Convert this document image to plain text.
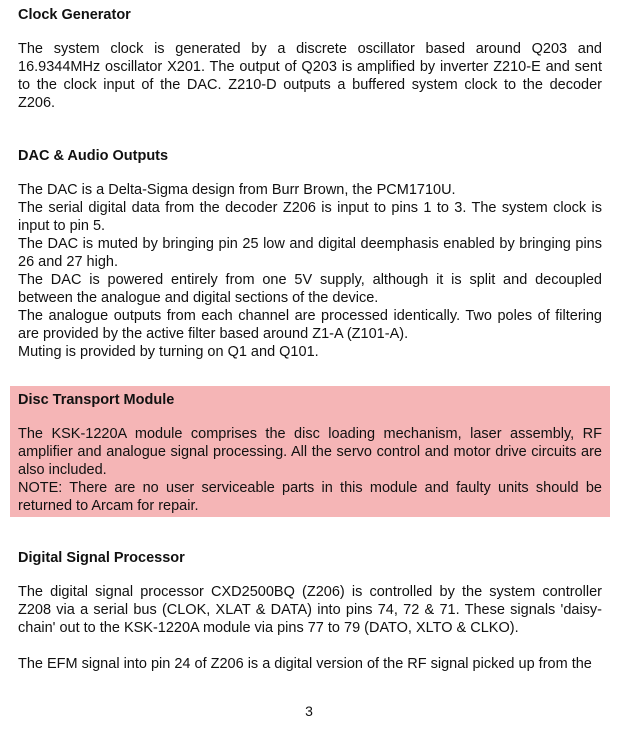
Clock Generator

The system clock is generated by a discrete oscillator based around Q203 and 16.9344MHz oscillator X201. The output of Q203 is amplified by inverter Z210-E and sent to the clock input of the DAC. Z210-D outputs a buffered system clock to the decoder Z206.

DAC & Audio Outputs

The DAC is a Delta-Sigma design from Burr Brown, the PCM1710U.

The serial digital data from the decoder Z206 is input to pins 1 to 3. The system clock is input to pin 5.

The DAC is muted by bringing pin 25 low and digital deemphasis enabled by bringing pins 26 and 27 high.

The DAC is powered entirely from one 5V supply, although it is split and decoupled between the analogue and digital sections of the device.

The analogue outputs from each channel are processed identically. Two poles of filtering are provided by the active filter based around Z1-A (Z101-A).

Muting is provided by turning on Q1 and Q101.

Disc Transport Module

The KSK-1220A module comprises the disc loading mechanism, laser assembly, RF amplifier and analogue signal processing. All the servo control and motor drive circuits are also included.

NOTE: There are no user serviceable parts in this module and faulty units should be returned to Arcam for repair.

Digital Signal Processor

The digital signal processor CXD2500BQ (Z206) is controlled by the system controller Z208 via a serial bus (CLOK, XLAT & DATA) into pins 74, 72 & 71. These signals 'daisy-chain' out to the KSK-1220A module via pins 77 to 79 (DATO, XLTO & CLKO).

The EFM signal into pin 24 of Z206 is a digital version of the RF signal picked up from the

3
